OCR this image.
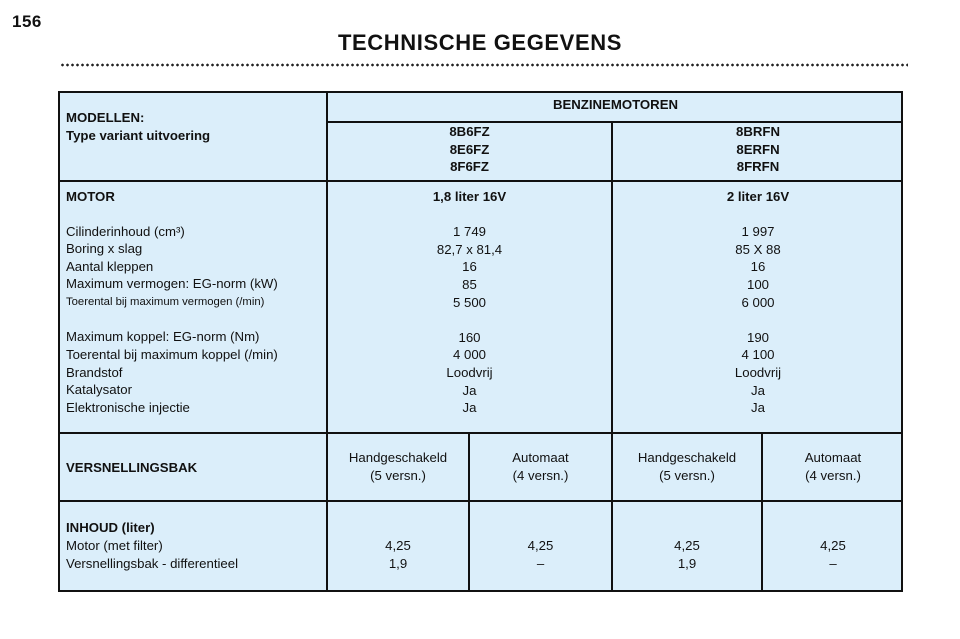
156
TECHNISCHE GEGEVENS
MODELLEN:
Type variant uitvoering
BENZINEMOTOREN
8B6FZ
8E6FZ
8F6FZ
8BRFN
8ERFN
8FRFN
MOTOR
Cilinderinhoud (cm³)
Boring x slag
Aantal kleppen
Maximum vermogen: EG-norm (kW)
Toerental bij maximum vermogen (/min)
Maximum koppel: EG-norm (Nm)
Toerental bij maximum koppel (/min)
Brandstof
Katalysator
Elektronische injectie
1,8 liter 16V
1 749
82,7 x 81,4
16
85
5 500
160
4 000
Loodvrij
Ja
Ja
2 liter 16V
1 997
85 X 88
16
100
6 000
190
4 100
Loodvrij
Ja
Ja
VERSNELLINGSBAK
Handgeschakeld
(5 versn.)
Automaat
(4 versn.)
Handgeschakeld
(5 versn.)
Automaat
(4 versn.)
INHOUD (liter)
Motor (met filter)
Versnellingsbak - differentieel
4,25
1,9
4,25
–
4,25
1,9
4,25
–
